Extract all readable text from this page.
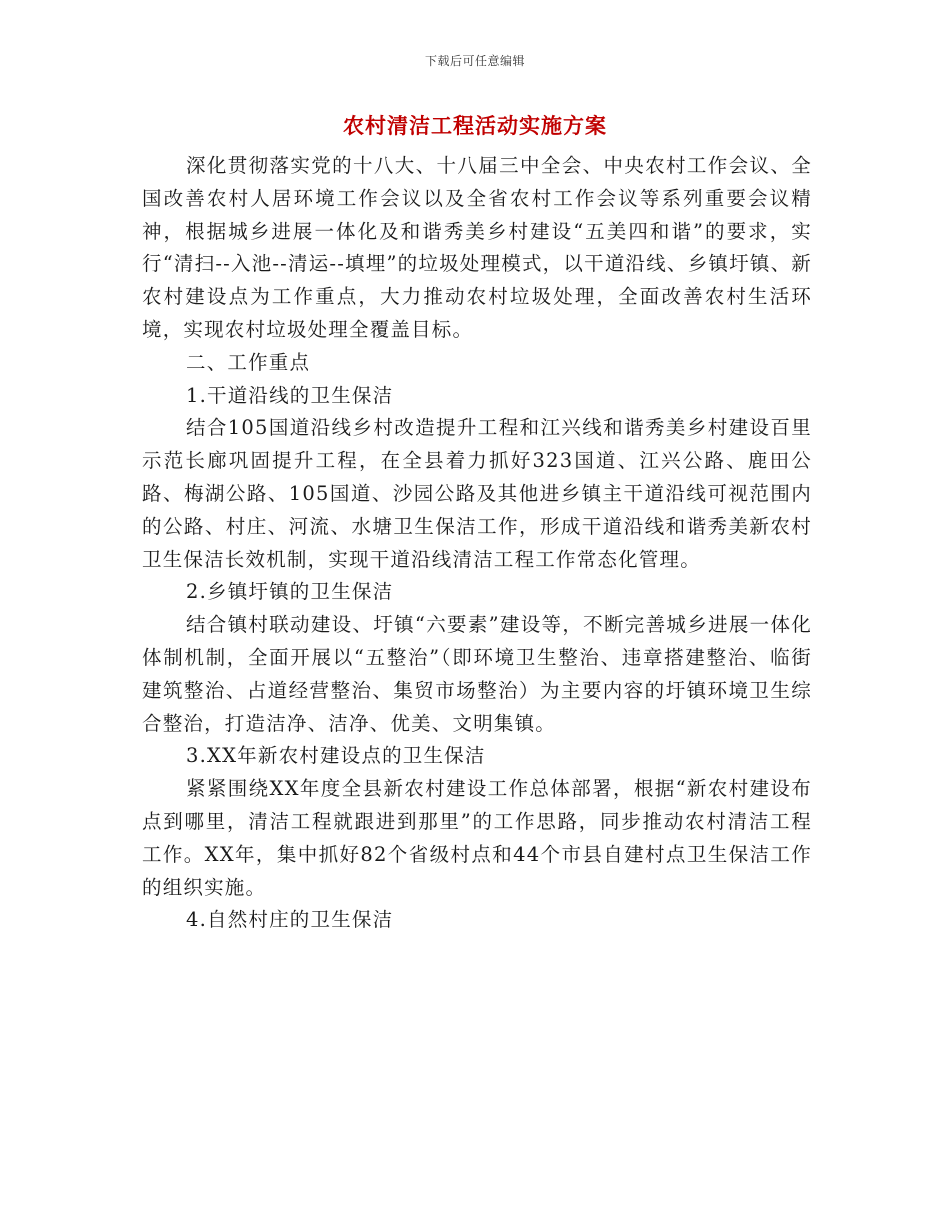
下载后可任意编辑
农村清洁工程活动实施方案

深化贯彻落实党的十八大、十八届三中全会、中央农村工作会议、全国改善农村人居环境工作会议以及全省农村工作会议等系列重要会议精神，根据城乡进展一体化及和谐秀美乡村建设“五美四和谐”的要求，实行“清扫--入池--清运--填埋”的垃圾处理模式，以干道沿线、乡镇圩镇、新农村建设点为工作重点，大力推动农村垃圾处理，全面改善农村生活环境，实现农村垃圾处理全覆盖目标。

二、工作重点

1.干道沿线的卫生保洁

结合105国道沿线乡村改造提升工程和江兴线和谐秀美乡村建设百里示范长廊巩固提升工程，在全县着力抓好323国道、江兴公路、鹿田公路、梅湖公路、105国道、沙园公路及其他进乡镇主干道沿线可视范围内的公路、村庄、河流、水塘卫生保洁工作，形成干道沿线和谐秀美新农村卫生保洁长效机制，实现干道沿线清洁工程工作常态化管理。

2.乡镇圩镇的卫生保洁

结合镇村联动建设、圩镇“六要素”建设等，不断完善城乡进展一体化体制机制，全面开展以“五整治”（即环境卫生整治、违章搭建整治、临街建筑整治、占道经营整治、集贸市场整治）为主要内容的圩镇环境卫生综合整治，打造洁净、洁净、优美、文明集镇。

3.XX年新农村建设点的卫生保洁

紧紧围绕XX年度全县新农村建设工作总体部署，根据“新农村建设布点到哪里，清洁工程就跟进到那里”的工作思路，同步推动农村清洁工程工作。XX年，集中抓好82个省级村点和44个市县自建村点卫生保洁工作的组织实施。

4.自然村庄的卫生保洁
